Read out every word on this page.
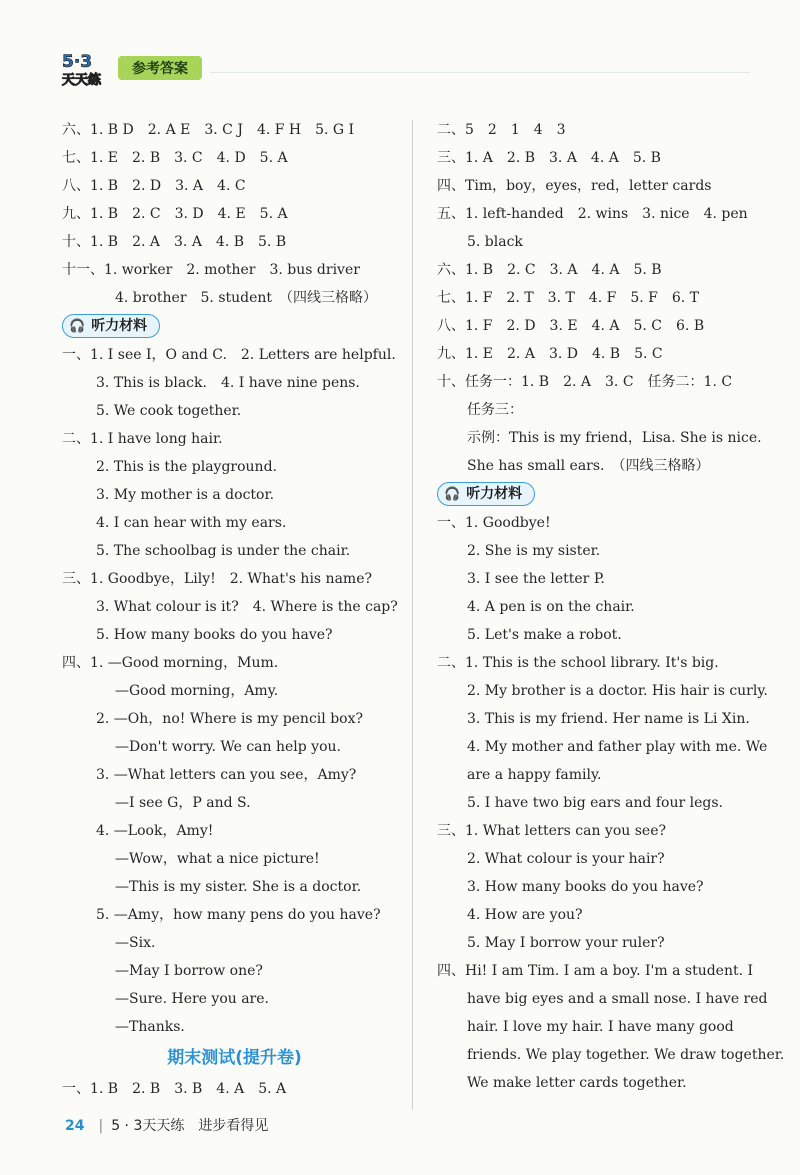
5·3
天天练
参考答案
六、1. B D　2. A E　3. C J　4. F H　5. G I
七、1. E　2. B　3. C　4. D　5. A
八、1. B　2. D　3. A　4. C
九、1. B　2. C　3. D　4. E　5. A
十、1. B　2. A　3. A　4. B　5. B
十一、1. worker　2. mother　3. bus driver
4. brother　5. student　（四线三格略）
🎧 听力材料
一、1. I see I，O and C.　2. Letters are helpful.
3. This is black.　4. I have nine pens.
5. We cook together.
二、1. I have long hair.
2. This is the playground.
3. My mother is a doctor.
4. I can hear with my ears.
5. The schoolbag is under the chair.
三、1. Goodbye，Lily!　2. What's his name?
3. What colour is it?　4. Where is the cap?
5. How many books do you have?
四、1. —Good morning，Mum.
—Good morning，Amy.
2. —Oh，no! Where is my pencil box?
—Don't worry. We can help you.
3. —What letters can you see，Amy?
—I see G，P and S.
4. —Look，Amy!
—Wow，what a nice picture!
—This is my sister. She is a doctor.
5. —Amy，how many pens do you have?
—Six.
—May I borrow one?
—Sure. Here you are.
—Thanks.
期末测试(提升卷)
一、1. B　2. B　3. B　4. A　5. A
二、5　2　1　4　3
三、1. A　2. B　3. A　4. A　5. B
四、Tim，boy，eyes，red，letter cards
五、1. left-handed　2. wins　3. nice　4. pen
5. black
六、1. B　2. C　3. A　4. A　5. B
七、1. F　2. T　3. T　4. F　5. F　6. T
八、1. F　2. D　3. E　4. A　5. C　6. B
九、1. E　2. A　3. D　4. B　5. C
十、任务一：1. B　2. A　3. C　任务二：1. C
任务三：
示例：This is my friend，Lisa. She is nice.
She has small ears.　（四线三格略）
🎧 听力材料
一、1. Goodbye!
2. She is my sister.
3. I see the letter P.
4. A pen is on the chair.
5. Let's make a robot.
二、1. This is the school library. It's big.
2. My brother is a doctor. His hair is curly.
3. This is my friend. Her name is Li Xin.
4. My mother and father play with me. We
are a happy family.
5. I have two big ears and four legs.
三、1. What letters can you see?
2. What colour is your hair?
3. How many books do you have?
4. How are you?
5. May I borrow your ruler?
四、Hi! I am Tim. I am a boy. I'm a student. I
have big eyes and a small nose. I have red
hair. I love my hair. I have many good
friends. We play together. We draw together.
We make letter cards together.
24 | 5 · 3天天练　进步看得见
